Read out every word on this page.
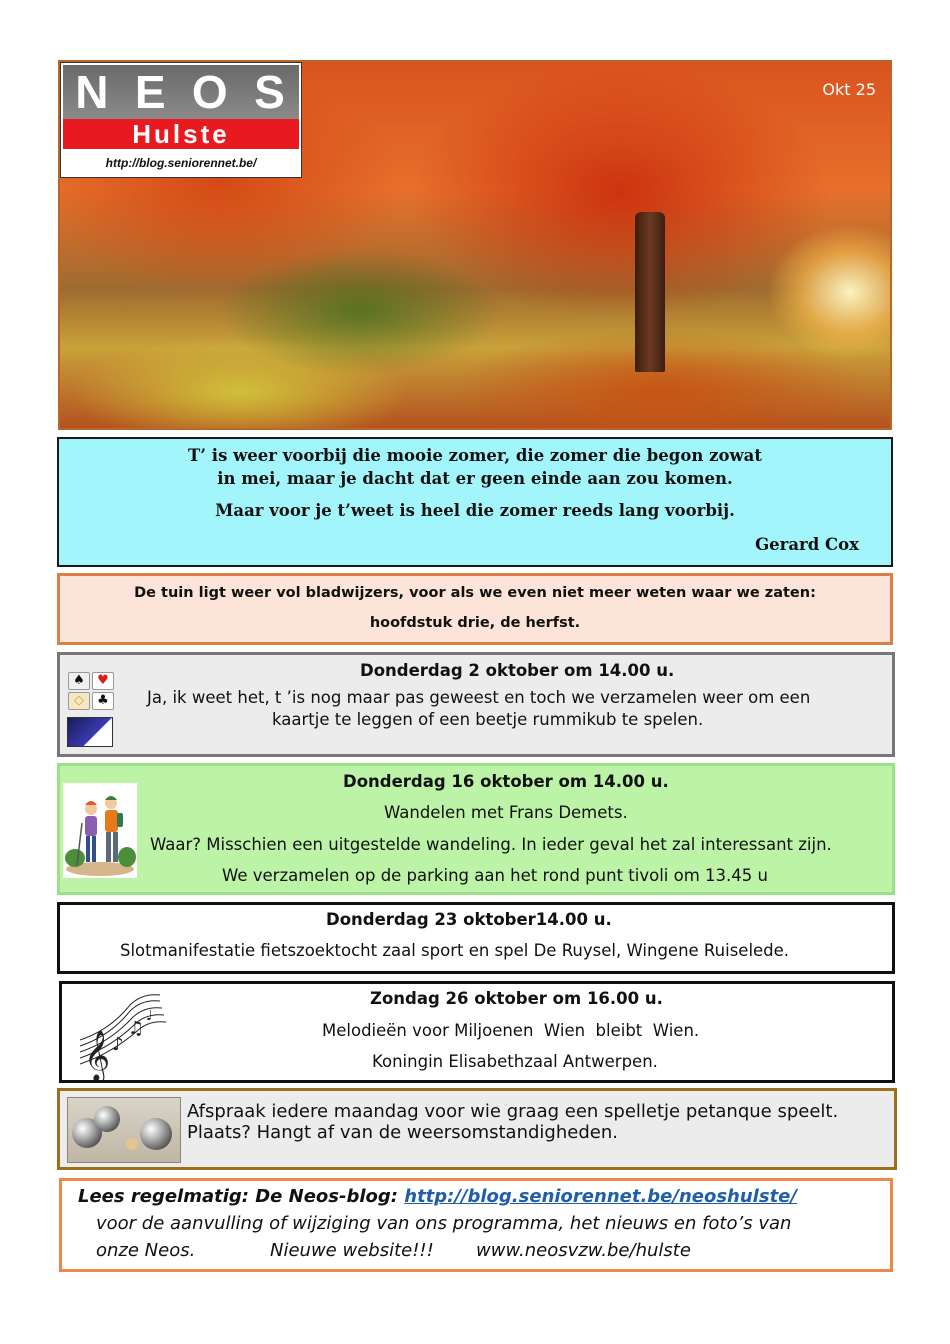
Okt 25
N E O S
Hulste
http://blog.seniorennet.be/
T’ is weer voorbij die mooie zomer, die zomer die begon zowat
in mei, maar je dacht dat er geen einde aan zou komen.
Maar voor je t’weet is heel die zomer reeds lang voorbij.
Gerard Cox
De tuin ligt weer vol bladwijzers, voor als we even niet meer weten waar we zaten:
hoofdstuk drie, de herfst.
♠ ♥
◇	♣
Donderdag 2 oktober om 14.00 u.
Ja, ik weet het, t ’is nog maar pas geweest en toch we verzamelen weer om een
kaartje te leggen of een beetje rummikub te spelen.
Donderdag 16 oktober om 14.00 u.
Wandelen met Frans Demets.
Waar? Misschien een uitgestelde wandeling. In ieder geval het zal interessant zijn.
We verzamelen op de parking aan het rond punt tivoli om 13.45 u
Donderdag 23 oktober14.00 u.
Slotmanifestatie fietszoektocht zaal sport en spel De Ruysel, Wingene Ruiselede.
𝄞 ♪
♫
♩
Zondag 26 oktober om 16.00 u.
Melodieën voor Miljoenen  Wien  bleibt  Wien.
Koningin Elisabethzaal Antwerpen.
Afspraak iedere maandag voor wie graag een spelletje petanque speelt.
Plaats? Hangt af van de weersomstandigheden.
Lees regelmatig: De Neos-blog: http://blog.seniorennet.be/neoshulste/
voor de aanvulling of wijziging van ons programma, het nieuws en foto’s van
onze Neos.	Nieuwe website!!! www.neosvzw.be/hulste
